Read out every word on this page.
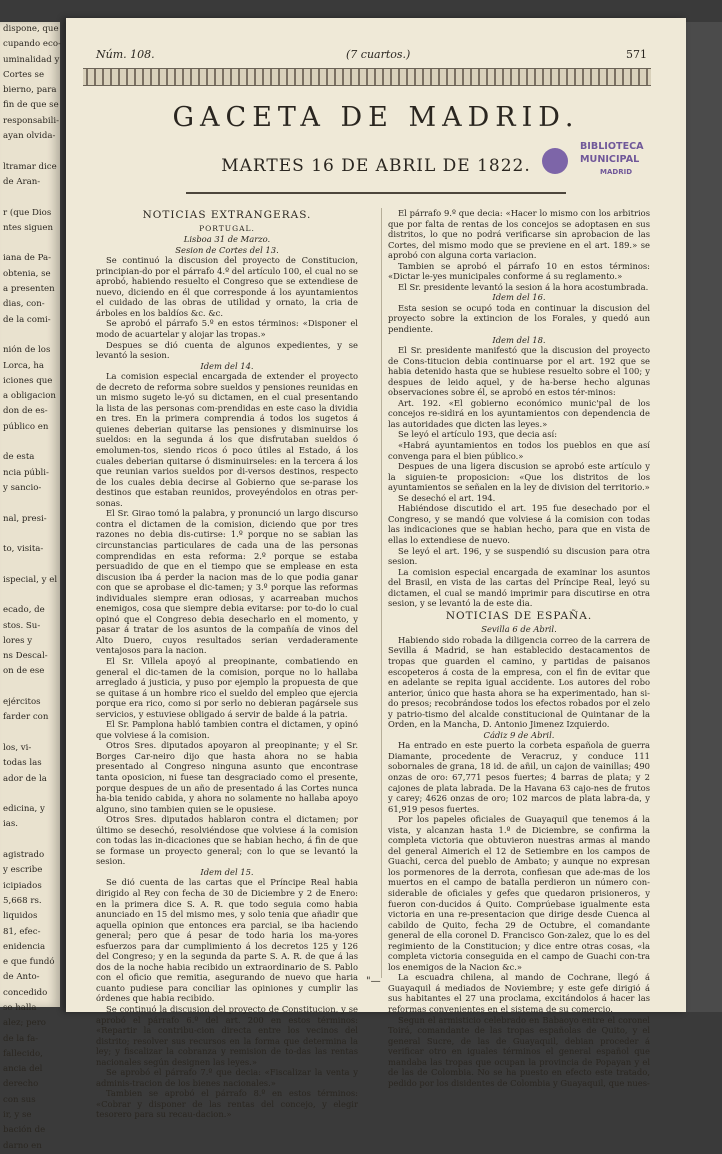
dispone, que

cupando eco-

uminalidad y

Cortes se

bierno, para

fin de que se

responsabili-

ayan olvida-

ltramar dice

de Aran-

r (que Dios

ntes siguen

iana de Pa-

obtenia, se

a presenten

dias, con-

de la comi-

nión de los

Lorca, ha

iciones que

a obligacion

don de es-

público en

de esta

ncia públi-

y sancio-

nal, presi-

to, visita-

ispecial, y el

ecado, de

stos. Su-

lores y

ns Descal-

on de ese

ejércitos

farder con

los, vi-

todas las

ador de la

edicina, y

ias.

agistrado

y escribe

icipiados

5,668 rs.

liquidos

81, efec-

enidencia

e que fundó

de Anto-

concedido

se halla

alez; pero

de la fa-

fallecido,

ancia del

derecho

con sus

ir, y se

bación de

darno en

Núm. 108.	(7 cuartos.)	571
GACETA DE MADRID.
MARTES 16 DE ABRIL DE 1822.
BIBLIOTECA
MUNICIPAL
MADRID

NOTICIAS EXTRANGERAS.

PORTUGAL.

Lisboa 31 de Marzo.

Sesion de Cortes del 13.

Se continuó la discusion del proyecto de Constitucion, principian-do por el párrafo 4.º del artículo 100, el cual no se aprobó, habiendo resuelto el Congreso que se extendiese de nuevo, diciendo en él que corresponde á los ayuntamientos el cuidado de las obras de utilidad y ornato, la cria de árboles en los baldíos &c. &c.

Se aprobó el párrafo 5.º en estos términos: «Disponer el modo de acuartelar y alojar las tropas.»

Despues se dió cuenta de algunos expedientes, y se levantó la sesion.

Idem del 14.

La comision especial encargada de extender el proyecto de decreto de reforma sobre sueldos y pensiones reunidas en un mismo sugeto le-yó su dictamen, en el cual presentando la lista de las personas com-prendidas en este caso la dividia en tres. En la primera comprendia á todos los sugetos á quienes deberian quitarse las pensiones y disminuirse los sueldos: en la segunda á los que disfrutaban sueldos ó emolumen-tos, siendo ricos ó poco útiles al Estado, á los cuales deberian quitarse ó disminuirseles: en la tercera á los que reunian varios sueldos por di-versos destinos, respecto de los cuales debia decirse al Gobierno que se-parase los destinos que estaban reunidos, proveyéndolos en otras per-sonas.

El Sr. Girao tomó la palabra, y pronunció un largo discurso contra el dictamen de la comision, diciendo que por tres razones no debia dis-cutirse: 1.º porque no se sabian las circunstancias particulares de cada una de las personas comprendidas en esta reforma: 2.º porque se estaba persuadido de que en el tiempo que se emplease en esta discusion iba á perder la nacion mas de lo que podia ganar con que se aprobase el dic-tamen; y 3.º porque las reformas individuales siempre eran odiosas, y acarreaban muchos enemigos, cosa que siempre debia evitarse: por to-do lo cual opinó que el Congreso debia desecharlo en el momento, y pasar á tratar de los asuntos de la compañía de vinos del Alto Duero, cuyos resultados serian verdaderamente ventajosos para la nacion.

El Sr. Villela apoyó al preopinante, combatiendo en general el dic-tamen de la comision, porque no lo hallaba arreglado á justicia, y puso por ejemplo la propuesta de que se quitase á un hombre rico el sueldo del empleo que ejercia porque era rico, como si por serlo no debieran pagársele sus servicios, y estuviese obligado á servir de balde á la patria.

El Sr. Pamplona habló tambien contra el dictamen, y opinó que volviese á la comision.

Otros Sres. diputados apoyaron al preopinante; y el Sr. Borges Car-neiro dijo que hasta ahora no se habia presentado al Congreso ninguna asunto que encontrase tanta oposicion, ni fuese tan desgraciado como el presente, porque despues de un año de presentado á las Cortes nunca ha-bia tenido cabida, y ahora no solamente no hallaba apoyo alguno, sino tambien quien se le opusiese.

Otros Sres. diputados hablaron contra el dictamen; por último se desechó, resolviéndose que volviese á la comision con todas las in-dicaciones que se habian hecho, á fin de que se formase un proyecto general; con lo que se levantó la sesion.

Idem del 15.

Se dió cuenta de las cartas que el Príncipe Real habia dirigido al Rey con fecha de 30 de Diciembre y 2 de Enero: en la primera dice S. A. R. que todo seguia como habia anunciado en 15 del mismo mes, y solo tenia que añadir que aquella opinion que entonces era parcial, se iba haciendo general; pero que á pesar de todo haria los ma-yores esfuerzos para dar cumplimiento á los decretos 125 y 126 del Congreso; y en la segunda da parte S. A. R. de que á las dos de la noche habia recibido un extraordinario de S. Pablo con el oficio que remitia, asegurando de nuevo que haria cuanto pudiese para conciliar las opiniones y cumplir las órdenes que habia recibido.

Se continuó la discusion del proyecto de Constitucion, y se aprobó el párrafo 6.º del art. 200 en estos términos: «Repartir la contribu-cion directa entre los vecinos del distrito; resolver sus recursos en la forma que determina la ley; y fiscalizar la cobranza y remision de to-das las rentas nacionales según designen las leyes.»

Se aprobó el párrafo 7.º que decia: «Fiscalizar la venta y adminis-tracion de los bienes nacionales.»

Tambien se aprobó el párrafo 8.º en estos términos: «Cobrar y disponer de las rentas del concejo, y elegir tesorero para su recau-dacion.»

El párrafo 9.º que decia: «Hacer lo mismo con los arbitrios que por falta de rentas de los concejos se adoptasen en sus distritos, lo que no podrá verificarse sin aprobacion de las Cortes, del mismo modo que se previene en el art. 189.» se aprobó con alguna corta variacion.

Tambien se aprobó el párrafo 10 en estos términos: «Dictar le-yes municipales conforme á su reglamento.»

El Sr. presidente levantó la sesion á la hora acostumbrada.

Idem del 16.

Esta sesion se ocupó toda en continuar la discusion del proyecto sobre la extincion de los Forales, y quedó aun pendiente.

Idem del 18.

El Sr. presidente manifestó que la discusion del proyecto de Cons-titucion debia continuarse por el art. 192 que se habia detenido hasta que se hubiese resuelto sobre el 100; y despues de leido aquel, y de ha-berse hecho algunas observaciones sobre él, se aprobó en estos tér-minos:

Art. 192. «El gobierno económico munic'pal de los concejos re-sidirá en los ayuntamientos con dependencia de las autoridades que dicten las leyes.»

Se leyó el artículo 193, que decia así:

«Habrá ayuntamientos en todos los pueblos en que así convenga para el bien público.»

Despues de una ligera discusion se aprobó este artículo y la siguien-te proposicion: «Que los distritos de los ayuntamientos se señalen en la ley de division del territorio.»

Se desechó el art. 194.

Habiéndose discutido el art. 195 fue desechado por el Congreso, y se mandó que volviese á la comision con todas las indicaciones que se habian hecho, para que en vista de ellas lo extendiese de nuevo.

Se leyó el art. 196, y se suspendió su discusion para otra sesion.

La comision especial encargada de examinar los asuntos del Brasil, en vista de las cartas del Príncipe Real, leyó su dictamen, el cual se mandó imprimir para discutirse en otra sesion, y se levantó la de este dia.

NOTICIAS DE ESPAÑA.

Sevilla 6 de Abril.

Habiendo sido robada la diligencia correo de la carrera de Sevilla á Madrid, se han establecido destacamentos de tropas que guarden el camino, y partidas de paisanos escopeteros á costa de la empresa, con el fin de evitar que en adelante se repita igual accidente. Los autores del robo anterior, único que hasta ahora se ha experimentado, han si-do presos; recobrándose todos los efectos robados por el zelo y patrio-tismo del alcalde constitucional de Quintanar de la Orden, en la Mancha, D. Antonio Jimenez Izquierdo.

Cádiz 9 de Abril.

Ha entrado en este puerto la corbeta española de guerra Diamante, procedente de Veracruz, y conduce 111 sobornales de grana, 18 id. de añil, un cajon de vainillas; 490 onzas de oro: 67,771 pesos fuertes; 4 barras de plata; y 2 cajones de plata labrada. De la Havana 63 cajo-nes de frutos y carey; 4626 onzas de oro; 102 marcos de plata labra-da, y 61,919 pesos fuertes.

Por los papeles oficiales de Guayaquil que tenemos á la vista, y alcanzan hasta 1.º de Diciembre, se confirma la completa victoria que obtuvieron nuestras armas al mando del general Aimerich el 12 de Setiembre en los campos de Guachi, cerca del pueblo de Ambato; y aunque no expresan los pormenores de la derrota, confiesan que ade-mas de los muertos en el campo de batalla perdieron un número con-siderable de oficiales y gefes que quedaron prisioneros, y fueron con-ducidos á Quito. Comprúebase igualmente esta victoria en una re-presentacion que dirige desde Cuenca al cabildo de Quito, fecha 29 de Octubre, el comandante general de ella coronel D. Francisco Gon-zalez, que lo es del regimiento de la Constitucion; y dice entre otras cosas, «la completa victoria conseguida en el campo de Guachi con-tra los enemigos de la Nacion &c.»

La escuadra chilena, al mando de Cochrane, llegó á Guayaquil á mediados de Noviembre; y este gefe dirigió á sus habitantes el 27 una proclama, excitándolos á hacer las reformas convenientes en el sistema de su comercio.

Segun el armisticio celebrado en Babaoyo entre el coronel Toirá, comandante de las tropas españolas de Quito, y el general Sucre, de las de Guayaquil, debian proceder á verificar otro en iguales términos el general español que mandaba las tropas que ocupan la provincia de Popayan y el de las de Colombia. No se ha puesto en efecto este tratado, pedido por los disidentes de Colombia y Guayaquil, que nues-

"—
